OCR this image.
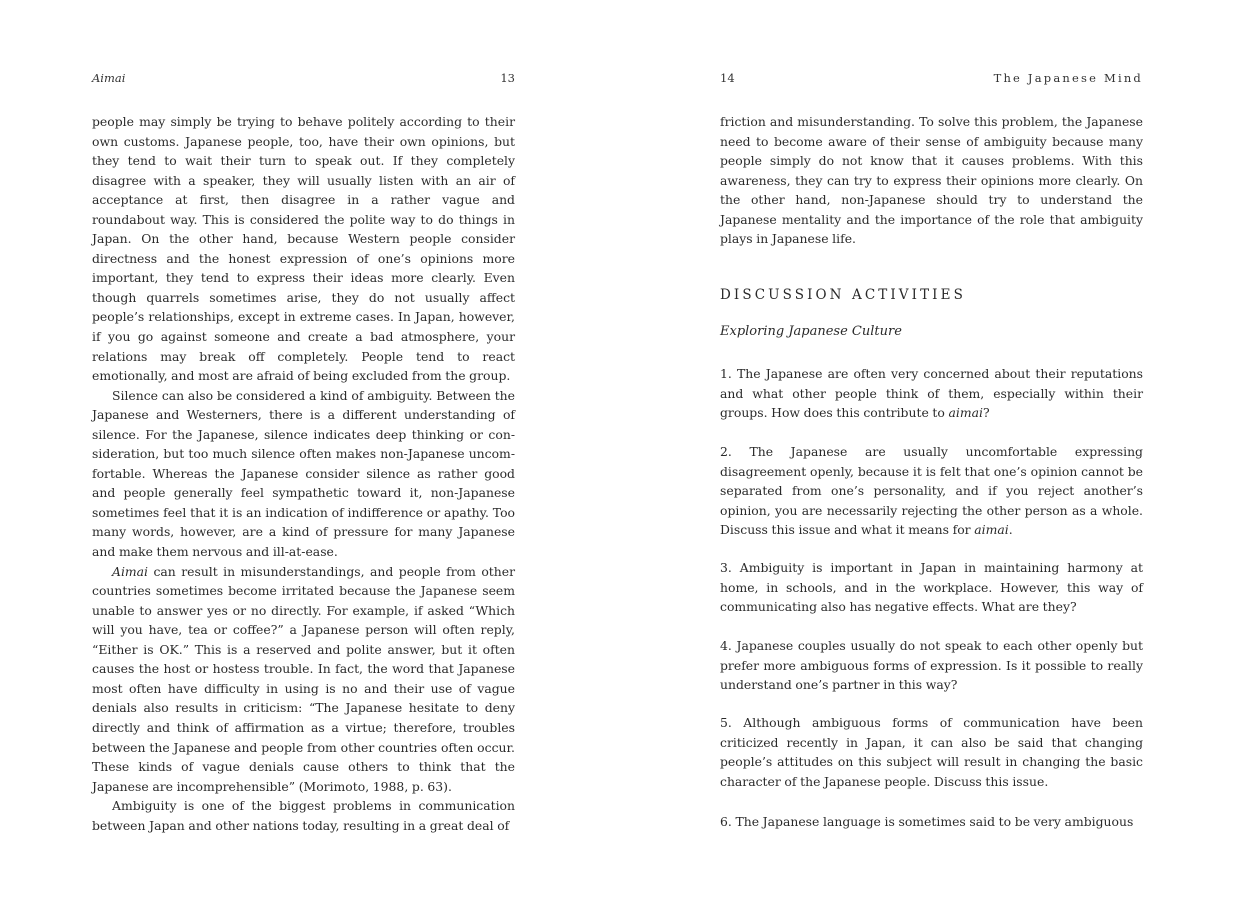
Aimai	13

people may simply be trying to behave politely according to their own customs. Japanese people, too, have their own opinions, but they tend to wait their turn to speak out. If they completely disagree with a speaker, they will usually listen with an air of acceptance at first, then disagree in a rather vague and roundabout way. This is considered the polite way to do things in Japan. On the other hand, because Western people consider directness and the honest expression of one’s opinions more important, they tend to express their ideas more clearly. Even though quarrels sometimes arise, they do not usually affect people’s relationships, except in extreme cases. In Japan, however, if you go against someone and create a bad atmosphere, your relations may break off completely. People tend to react emotionally, and most are afraid of being excluded from the group.

Silence can also be considered a kind of ambiguity. Between the Japanese and Westerners, there is a different understanding of silence. For the Japanese, silence indicates deep thinking or consideration, but too much silence often makes non-Japanese uncomfortable. Whereas the Japanese consider silence as rather good and people generally feel sympathetic toward it, non-Japanese sometimes feel that it is an indication of indifference or apathy. Too many words, however, are a kind of pressure for many Japanese and make them nervous and ill-at-ease.

Aimai can result in misunderstandings, and people from other countries sometimes become irritated because the Japanese seem unable to answer yes or no directly. For example, if asked “Which will you have, tea or coffee?” a Japanese person will often reply, “Either is OK.” This is a reserved and polite answer, but it often causes the host or hostess trouble. In fact, the word that Japanese most often have difficulty in using is no and their use of vague denials also results in criticism: “The Japanese hesitate to deny directly and think of affirmation as a virtue; therefore, troubles between the Japanese and people from other countries often occur. These kinds of vague denials cause others to think that the Japanese are incomprehensible” (Morimoto, 1988, p. 63).

Ambiguity is one of the biggest problems in communication between Japan and other nations today, resulting in a great deal of

14	The Japanese Mind

friction and misunderstanding. To solve this problem, the Japanese need to become aware of their sense of ambiguity because many people simply do not know that it causes problems. With this awareness, they can try to express their opinions more clearly. On the other hand, non-Japanese should try to understand the Japanese mentality and the importance of the role that ambiguity plays in Japanese life.

DISCUSSION ACTIVITIES
Exploring Japanese Culture

1. The Japanese are often very concerned about their reputations and what other people think of them, especially within their groups. How does this contribute to aimai?

2. The Japanese are usually uncomfortable expressing disagreement openly, because it is felt that one’s opinion cannot be separated from one’s personality, and if you reject another’s opinion, you are necessarily rejecting the other person as a whole. Discuss this issue and what it means for aimai.

3. Ambiguity is important in Japan in maintaining harmony at home, in schools, and in the workplace. However, this way of communicating also has negative effects. What are they?

4. Japanese couples usually do not speak to each other openly but prefer more ambiguous forms of expression. Is it possible to really understand one’s partner in this way?

5. Although ambiguous forms of communication have been criticized recently in Japan, it can also be said that changing people’s attitudes on this subject will result in changing the basic character of the Japanese people. Discuss this issue.

6. The Japanese language is sometimes said to be very ambiguous
